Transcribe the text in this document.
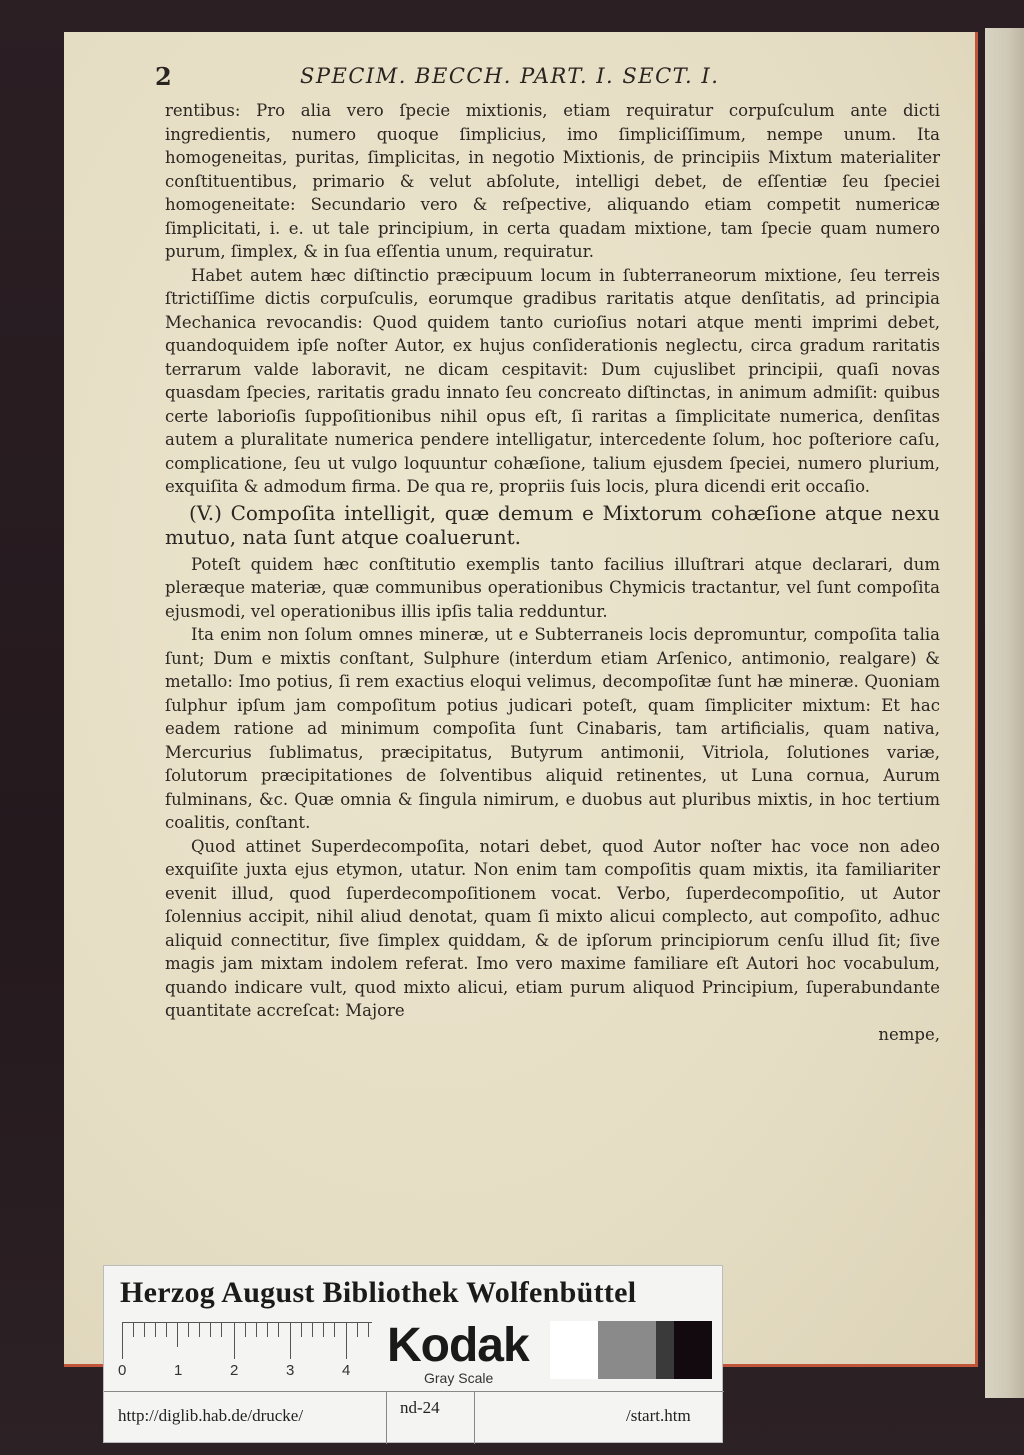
2	SPECIM. BECCH. PART. I. SECT. I.

rentibus: Pro alia vero ſpecie mixtionis, etiam requiratur corpuſculum ante dicti ingredientis, numero quoque ſimplicius, imo ſimpliciſſimum, nempe unum. Ita homogeneitas, puritas, ſimplicitas, in negotio Mixtionis, de principiis Mixtum materialiter conſtituentibus, primario & velut abſolute, intelligi debet, de eſſentiæ ſeu ſpeciei homogeneitate: Secundario vero & reſpective, aliquando etiam competit numericæ ſimplicitati, i. e. ut tale principium, in certa quadam mixtione, tam ſpecie quam numero purum, ſimplex, & in ſua eſſentia unum, requiratur.

Habet autem hæc diſtinctio præcipuum locum in ſubterraneorum mixtione, ſeu terreis ſtrictiſſime dictis corpuſculis, eorumque gradibus raritatis atque denſitatis, ad principia Mechanica revocandis: Quod quidem tanto curioſius notari atque menti imprimi debet, quandoquidem ipſe noſter Autor, ex hujus conſiderationis neglectu, circa gradum raritatis terrarum valde laboravit, ne dicam cespitavit: Dum cujuslibet principii, quaſi novas quasdam ſpecies, raritatis gradu innato ſeu concreato diſtinctas, in animum admiſit: quibus certe laborioſis ſuppoſitionibus nihil opus eſt, ſi raritas a ſimplicitate numerica, denſitas autem a pluralitate numerica pendere intelligatur, intercedente ſolum, hoc poſteriore caſu, complicatione, ſeu ut vulgo loquuntur cohæſione, talium ejusdem ſpeciei, numero plurium, exquiſita & admodum firma. De qua re, propriis ſuis locis, plura dicendi erit occaſio.

(V.) Compoſita intelligit, quæ demum e Mixtorum cohæſione atque nexu mutuo, nata ſunt atque coaluerunt.

Poteſt quidem hæc conſtitutio exemplis tanto facilius illuſtrari atque declarari, dum pleræque materiæ, quæ communibus operationibus Chymicis tractantur, vel ſunt compoſita ejusmodi, vel operationibus illis ipſis talia redduntur.

Ita enim non ſolum omnes mineræ, ut e Subterraneis locis depromuntur, compoſita talia ſunt; Dum e mixtis conſtant, Sulphure (interdum etiam Arſenico, antimonio, realgare) & metallo: Imo potius, ſi rem exactius eloqui velimus, decompoſitæ ſunt hæ mineræ. Quoniam ſulphur ipſum jam compoſitum potius judicari poteſt, quam ſimpliciter mixtum: Et hac eadem ratione ad minimum compoſita ſunt Cinabaris, tam artificialis, quam nativa, Mercurius ſublimatus, præcipitatus, Butyrum antimonii, Vitriola, ſolutiones variæ, ſolutorum præcipitationes de ſolventibus aliquid retinentes, ut Luna cornua, Aurum fulminans, &c. Quæ omnia & ſingula nimirum, e duobus aut pluribus mixtis, in hoc tertium coalitis, conſtant.

Quod attinet Superdecompoſita, notari debet, quod Autor noſter hac voce non adeo exquiſite juxta ejus etymon, utatur. Non enim tam compoſitis quam mixtis, ita familiariter evenit illud, quod ſuperdecompoſitionem vocat. Verbo, ſuperdecompoſitio, ut Autor ſolennius accipit, nihil aliud denotat, quam ſi mixto alicui complecto, aut compoſito, adhuc aliquid connectitur, ſive ſimplex quiddam, & de ipſorum principiorum cenſu illud ſit; ſive magis jam mixtam indolem referat. Imo vero maxime familiare eſt Autori hoc vocabulum, quando indicare vult, quod mixto alicui, etiam purum aliquod Principium, ſuperabundante quantitate accreſcat: Majore

nempe,

Herzog August Bibliothek Wolfenbüttel
0	1	2	3	4 Kodak
Gray Scale
http://diglib.hab.de/drucke/	nd-24	/start.htm
